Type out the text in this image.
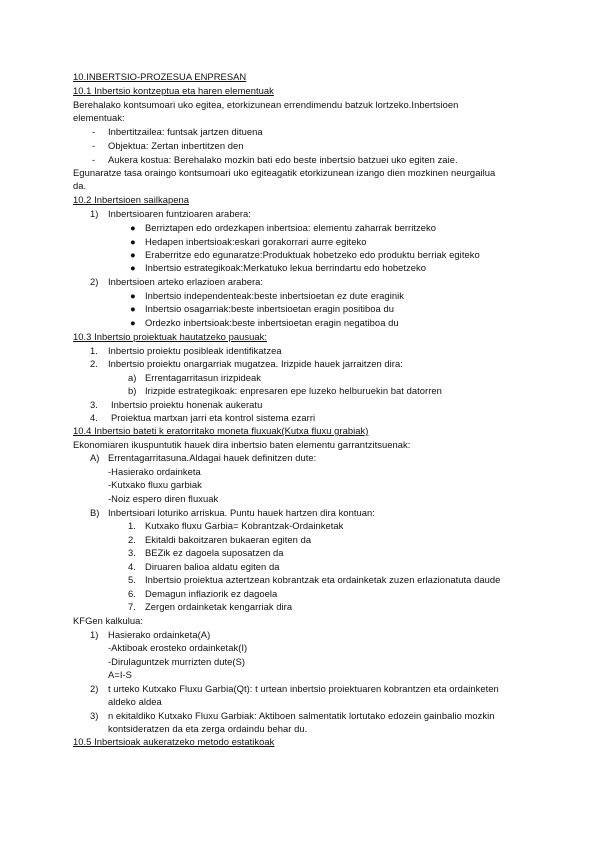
10.INBERTSIO-PROZESUA ENPRESAN
10.1 Inbertsio kontzeptua eta haren elementuak
Berehalako kontsumoari uko egitea, etorkizunean errendimendu batzuk lortzeko.Inbertsioen
elementuak:
- Inbertitzailea: funtsak jartzen dituena
- Objektua: Zertan inbertitzen den
- Aukera kostua: Berehalako mozkin bati edo beste inbertsio batzuei uko egiten zaie.
Egunaratze tasa oraingo kontsumoari uko egiteagatik etorkizunean izango dien mozkinen neurgailua
da.
10.2 Inbertsioen sailkapena
1) Inbertsioaren funtzioaren arabera:
● Berriztapen edo ordezkapen inbertsioa: elementu zaharrak berritzeko
● Hedapen inbertsioak:eskari gorakorrari aurre egiteko
● Eraberritze edo egunaratze:Produktuak hobetzeko edo produktu berriak egiteko
● Inbertsio estrategikoak:Merkatuko lekua berrindartu edo hobetzeko
2) Inbertsioen arteko erlazioen arabera:
● Inbertsio independenteak:beste inbertsioetan ez dute eraginik
● Inbertsio osagarriak:beste inbertsioetan eragin positiboa du
● Ordezko inbertsioak:beste inbertsioetan eragin negatiboa du
10.3 Inbertsio proiektuak hautatzeko pausuak:
1. Inbertsio proiektu posibleak identifikatzea
2. Inbertsio proiektu onargarriak mugatzea. Irizpide hauek jarraitzen dira:
a) Errentagarritasun irizpideak
b) Irizpide estrategikoak: enpresaren epe luzeko helburuekin bat datorren
3. Inbertsio proiektu honenak aukeratu
4. Proiektua martxan jarri eta kontrol sistema ezarri
10.4 Inbertsio bateti k eratorritako moneta fluxuak(Kutxa fluxu grabiak)
Ekonomiaren ikuspuntutik hauek dira inbertsio baten elementu garrantzitsuenak:
A) Errentagarritasuna.Aldagai hauek definitzen dute:
-Hasierako ordainketa
-Kutxako fluxu garbiak
-Noiz espero diren fluxuak
B) Inbertsioari loturiko arriskua. Puntu hauek hartzen dira kontuan:
1. Kutxako fluxu Garbia= Kobrantzak-Ordainketak
2. Ekitaldi bakoitzaren bukaeran egiten da
3. BEZik ez dagoela suposatzen da
4. Diruaren balioa aldatu egiten da
5. Inbertsio proiektua aztertzean kobrantzak eta ordainketak zuzen erlazionatuta daude
6. Demagun inflaziorik ez dagoela
7. Zergen ordainketak kengarriak dira
KFGen kalkulua:
1) Hasierako ordainketa(A)
-Aktiboak erosteko ordainketak(I)
-Dirulaguntzek murrizten dute(S)
A=I-S
2) t urteko Kutxako Fluxu Garbia(Qt): t urtean inbertsio proiektuaren kobrantzen eta ordainketen
aldeko aldea
3) n ekitaldiko Kutxako Fluxu Garbiak: Aktiboen salmentatik lortutako edozein gainbalio mozkin
kontsideratzen da eta zerga ordaindu behar du.
10.5 Inbertsioak aukeratzeko metodo estatikoak
